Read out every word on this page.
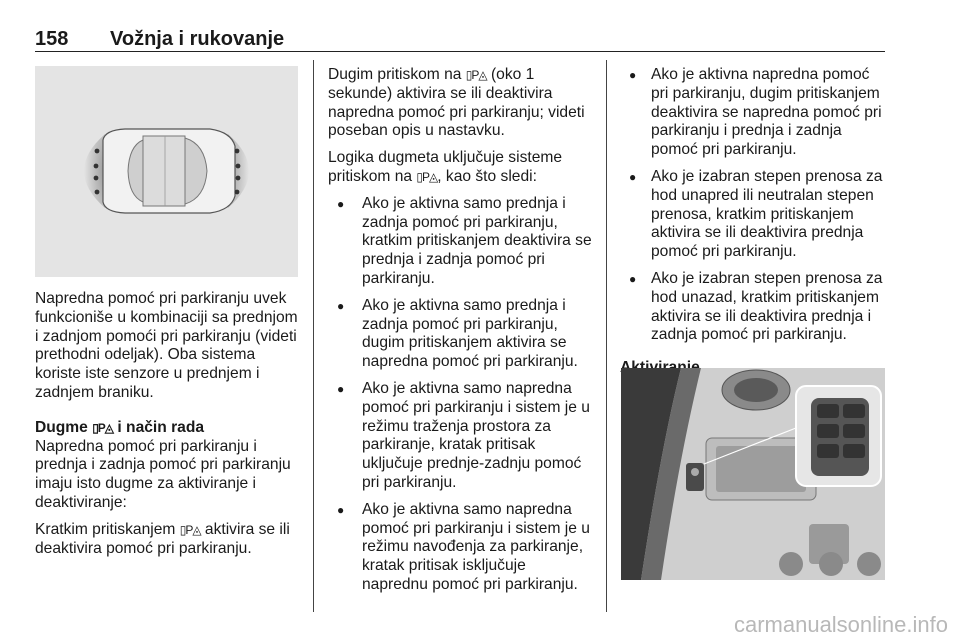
158 Vožnja i rukovanje

Napredna pomoć pri parkiranju uvek funkcioniše u kombinaciji sa prednjom i zadnjom pomoći pri parkiranju (videti prethodni odeljak). Oba sistema koriste iste senzore u prednjem i zadnjem braniku.

Dugme ▯P◬ i način rada

Napredna pomoć pri parkiranju i prednja i zadnja pomoć pri parkiranju imaju isto dugme za aktiviranje i deaktiviranje:

Kratkim pritiskanjem ▯P◬ aktivira se ili deaktivira pomoć pri parkiranju.

Dugim pritiskom na ▯P◬ (oko 1 sekunde) aktivira se ili deaktivira napredna pomoć pri parkiranju; videti poseban opis u nastavku.

Logika dugmeta uključuje sisteme pritiskom na ▯P◬, kao što sledi:

● Ako je aktivna samo prednja i zadnja pomoć pri parkiranju, kratkim pritiskanjem deaktivira se prednja i zadnja pomoć pri parkiranju.
● Ako je aktivna samo prednja i zadnja pomoć pri parkiranju, dugim pritiskanjem aktivira se napredna pomoć pri parkiranju.
● Ako je aktivna samo napredna pomoć pri parkiranju i sistem je u režimu traženja prostora za parkiranje, kratak pritisak uključuje prednje-zadnju pomoć pri parkiranju.
● Ako je aktivna samo napredna pomoć pri parkiranju i sistem je u režimu navođenja za parkiranje, kratak pritisak isključuje naprednu pomoć pri parkiranju.
● Ako je aktivna napredna pomoć pri parkiranju, dugim pritiskanjem deaktivira se napredna pomoć pri parkiranju i prednja i zadnja pomoć pri parkiranju.
● Ako je izabran stepen prenosa za hod unapred ili neutralan stepen prenosa, kratkim pritiskanjem aktivira se ili deaktivira prednja pomoć pri parkiranju.
● Ako je izabran stepen prenosa za hod unazad, kratkim pritiskanjem aktivira se ili deaktivira prednja i zadnja pomoć pri parkiranju.
carmanualsonline.info
